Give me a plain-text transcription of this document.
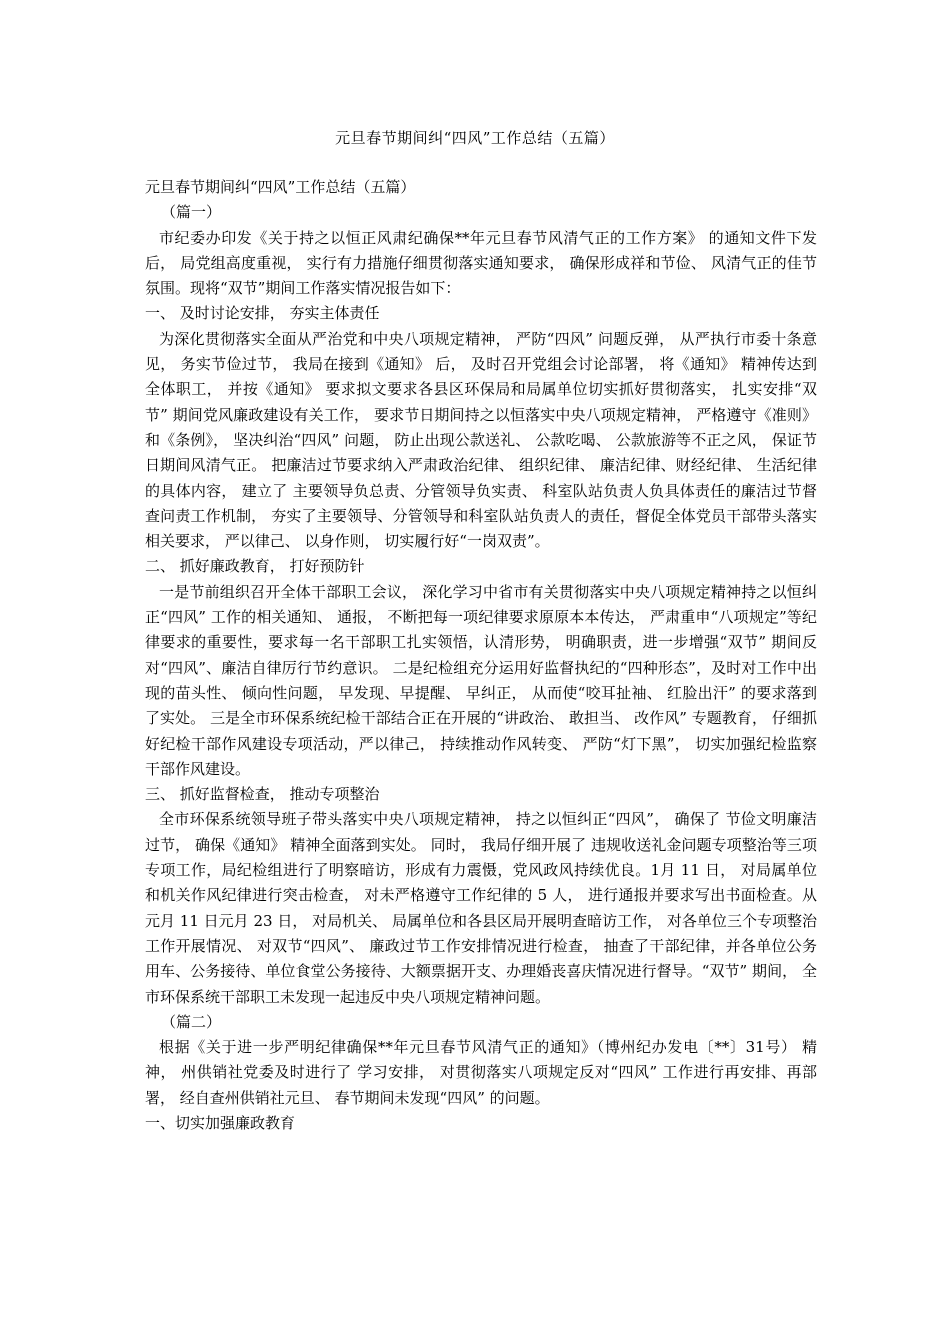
元旦春节期间纠“四风”工作总结（五篇）

元旦春节期间纠“四风”工作总结（五篇）

（篇一）

市纪委办印发《关于持之以恒正风肃纪确保**年元旦春节风清气正的工作方案》 的通知文件下发后， 局党组高度重视， 实行有力措施仔细贯彻落实通知要求， 确保形成祥和节俭、 风清气正的佳节氛围。现将“双节”期间工作落实情况报告如下：

一、 及时讨论安排， 夯实主体责任

为深化贯彻落实全面从严治党和中央八项规定精神， 严防“四风” 问题反弹， 从严执行市委十条意见， 务实节俭过节， 我局在接到《通知》 后， 及时召开党组会讨论部署， 将《通知》 精神传达到全体职工， 并按《通知》 要求拟文要求各县区环保局和局属单位切实抓好贯彻落实， 扎实安排“双节” 期间党风廉政建设有关工作， 要求节日期间持之以恒落实中央八项规定精神， 严格遵守《准则》 和《条例》， 坚决纠治“四风” 问题， 防止出现公款送礼、 公款吃喝、 公款旅游等不正之风， 保证节日期间风清气正。 把廉洁过节要求纳入严肃政治纪律、 组织纪律、 廉洁纪律、财经纪律、 生活纪律的具体内容， 建立了 主要领导负总责、分管领导负实责、 科室队站负责人负具体责任的廉洁过节督查问责工作机制， 夯实了主要领导、分管领导和科室队站负责人的责任，督促全体党员干部带头落实相关要求， 严以律己、 以身作则， 切实履行好“一岗双责”。

二、 抓好廉政教育， 打好预防针

一是节前组织召开全体干部职工会议， 深化学习中省市有关贯彻落实中央八项规定精神持之以恒纠正“四风” 工作的相关通知、 通报， 不断把每一项纪律要求原原本本传达， 严肃重申“八项规定”等纪律要求的重要性，要求每一名干部职工扎实领悟，认清形势， 明确职责，进一步增强“双节” 期间反对“四风”、廉洁自律厉行节约意识。 二是纪检组充分运用好监督执纪的“四种形态”，及时对工作中出现的苗头性、 倾向性问题， 早发现、早提醒、 早纠正， 从而使“咬耳扯袖、 红脸出汗” 的要求落到了实处。 三是全市环保系统纪检干部结合正在开展的“讲政治、 敢担当、 改作风” 专题教育， 仔细抓好纪检干部作风建设专项活动，严以律己， 持续推动作风转变、 严防“灯下黑”， 切实加强纪检监察干部作风建设。

三、 抓好监督检查， 推动专项整治

全市环保系统领导班子带头落实中央八项规定精神， 持之以恒纠正“四风”， 确保了 节俭文明廉洁过节， 确保《通知》 精神全面落到实处。 同时， 我局仔细开展了 违规收送礼金问题专项整治等三项专项工作，局纪检组进行了明察暗访，形成有力震慑，党风政风持续优良。1月 11 日， 对局属单位和机关作风纪律进行突击检查， 对未严格遵守工作纪律的 5 人， 进行通报并要求写出书面检查。从元月 11 日元月 23 日， 对局机关、 局属单位和各县区局开展明查暗访工作， 对各单位三个专项整治工作开展情况、 对双节“四风”、 廉政过节工作安排情况进行检查， 抽查了干部纪律，并各单位公务用车、公务接待、单位食堂公务接待、大额票据开支、办理婚丧喜庆情况进行督导。“双节” 期间， 全市环保系统干部职工未发现一起违反中央八项规定精神问题。

（篇二）

根据《关于进一步严明纪律确保**年元旦春节风清气正的通知》（博州纪办发电〔**〕31号） 精神， 州供销社党委及时进行了 学习安排， 对贯彻落实八项规定反对“四风” 工作进行再安排、再部署， 经自查州供销社元旦、 春节期间未发现“四风” 的问题。

一、切实加强廉政教育
